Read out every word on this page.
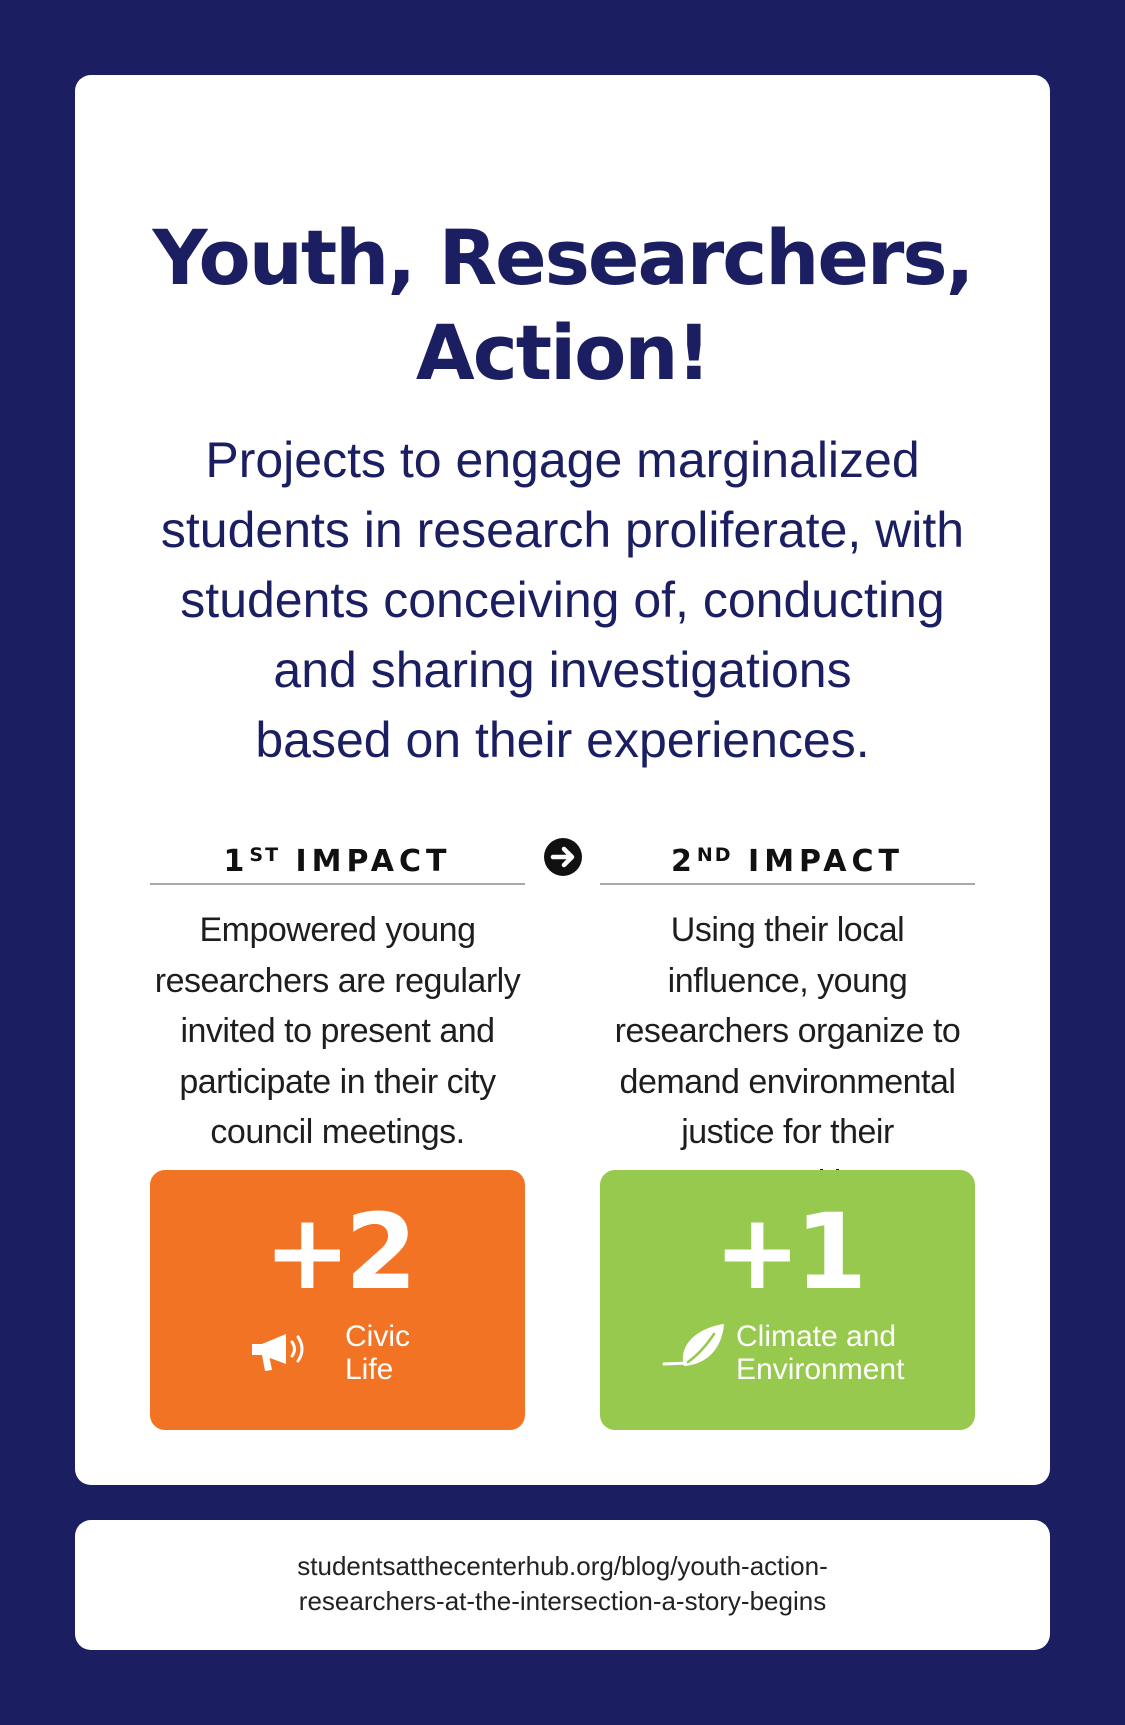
Youth, Researchers,
Action!
Projects to engage marginalized
students in research proliferate, with
students conceiving of, conducting
and sharing investigations
based on their experiences.
1ST IMPACT	2ND IMPACT
Empowered young
researchers are regularly
invited to present and
participate in their city
council meetings.
Using their local
influence, young
researchers organize to
demand environmental
justice for their
+2
Civic
Life
+1
Climate and
Environment
studentsatthecenterhub.org/blog/youth-action-
researchers-at-the-intersection-a-story-begins
